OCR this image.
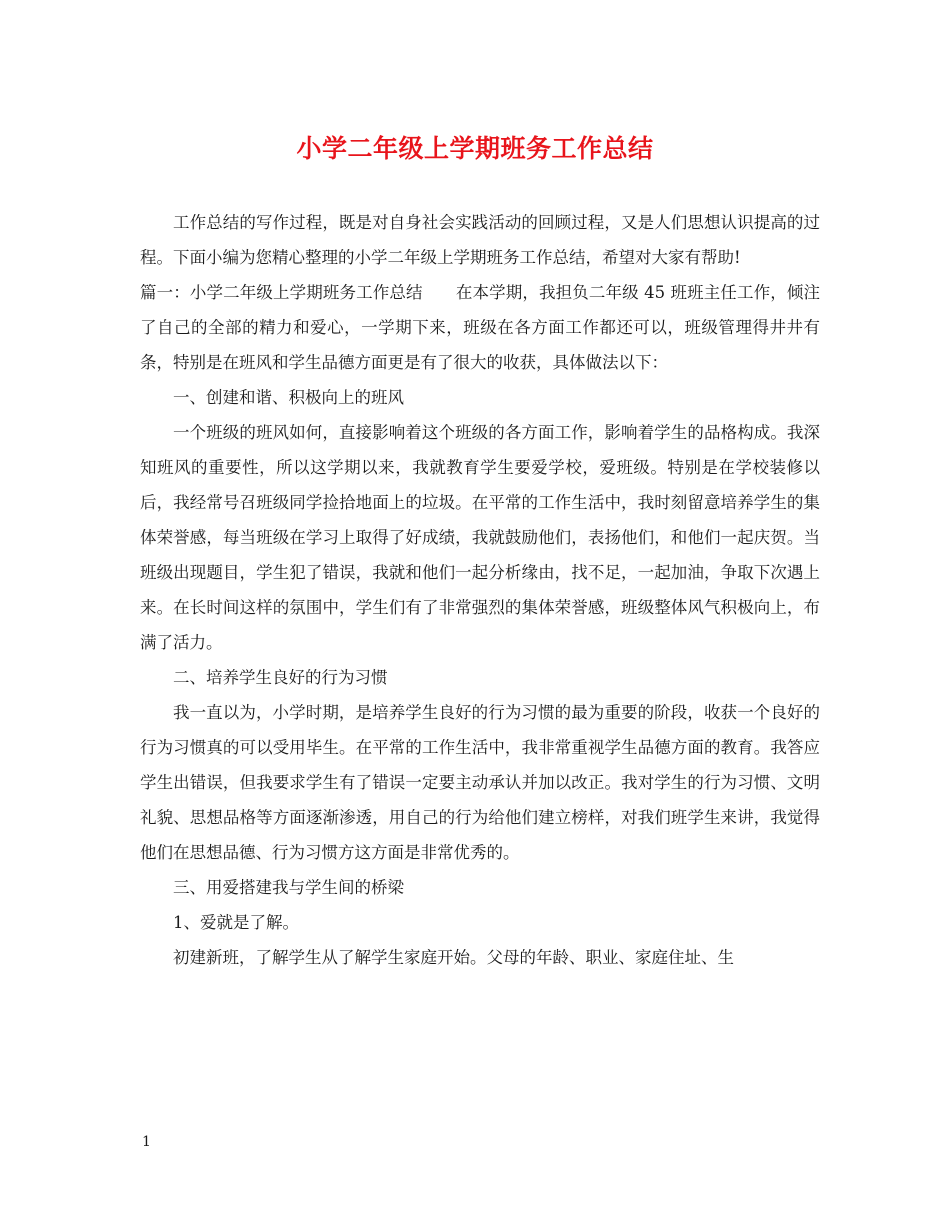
小学二年级上学期班务工作总结

工作总结的写作过程，既是对自身社会实践活动的回顾过程，又是人们思想认识提高的过程。下面小编为您精心整理的小学二年级上学期班务工作总结，希望对大家有帮助!

篇一：小学二年级上学期班务工作总结　　在本学期，我担负二年级 45 班班主任工作，倾注了自己的全部的精力和爱心，一学期下来，班级在各方面工作都还可以，班级管理得井井有条，特别是在班风和学生品德方面更是有了很大的收获，具体做法以下：

一、创建和谐、积极向上的班风

一个班级的班风如何，直接影响着这个班级的各方面工作，影响着学生的品格构成。我深知班风的重要性，所以这学期以来，我就教育学生要爱学校，爱班级。特别是在学校装修以后，我经常号召班级同学捡拾地面上的垃圾。在平常的工作生活中，我时刻留意培养学生的集体荣誉感，每当班级在学习上取得了好成绩，我就鼓励他们，表扬他们，和他们一起庆贺。当班级出现题目，学生犯了错误，我就和他们一起分析缘由，找不足，一起加油，争取下次遇上来。在长时间这样的氛围中，学生们有了非常强烈的集体荣誉感，班级整体风气积极向上，布满了活力。

二、培养学生良好的行为习惯

我一直以为，小学时期，是培养学生良好的行为习惯的最为重要的阶段，收获一个良好的行为习惯真的可以受用毕生。在平常的工作生活中，我非常重视学生品德方面的教育。我答应学生出错误，但我要求学生有了错误一定要主动承认并加以改正。我对学生的行为习惯、文明礼貌、思想品格等方面逐渐渗透，用自己的行为给他们建立榜样，对我们班学生来讲，我觉得他们在思想品德、行为习惯方这方面是非常优秀的。

三、用爱搭建我与学生间的桥梁

1、爱就是了解。

初建新班，了解学生从了解学生家庭开始。父母的年龄、职业、家庭住址、生

1
